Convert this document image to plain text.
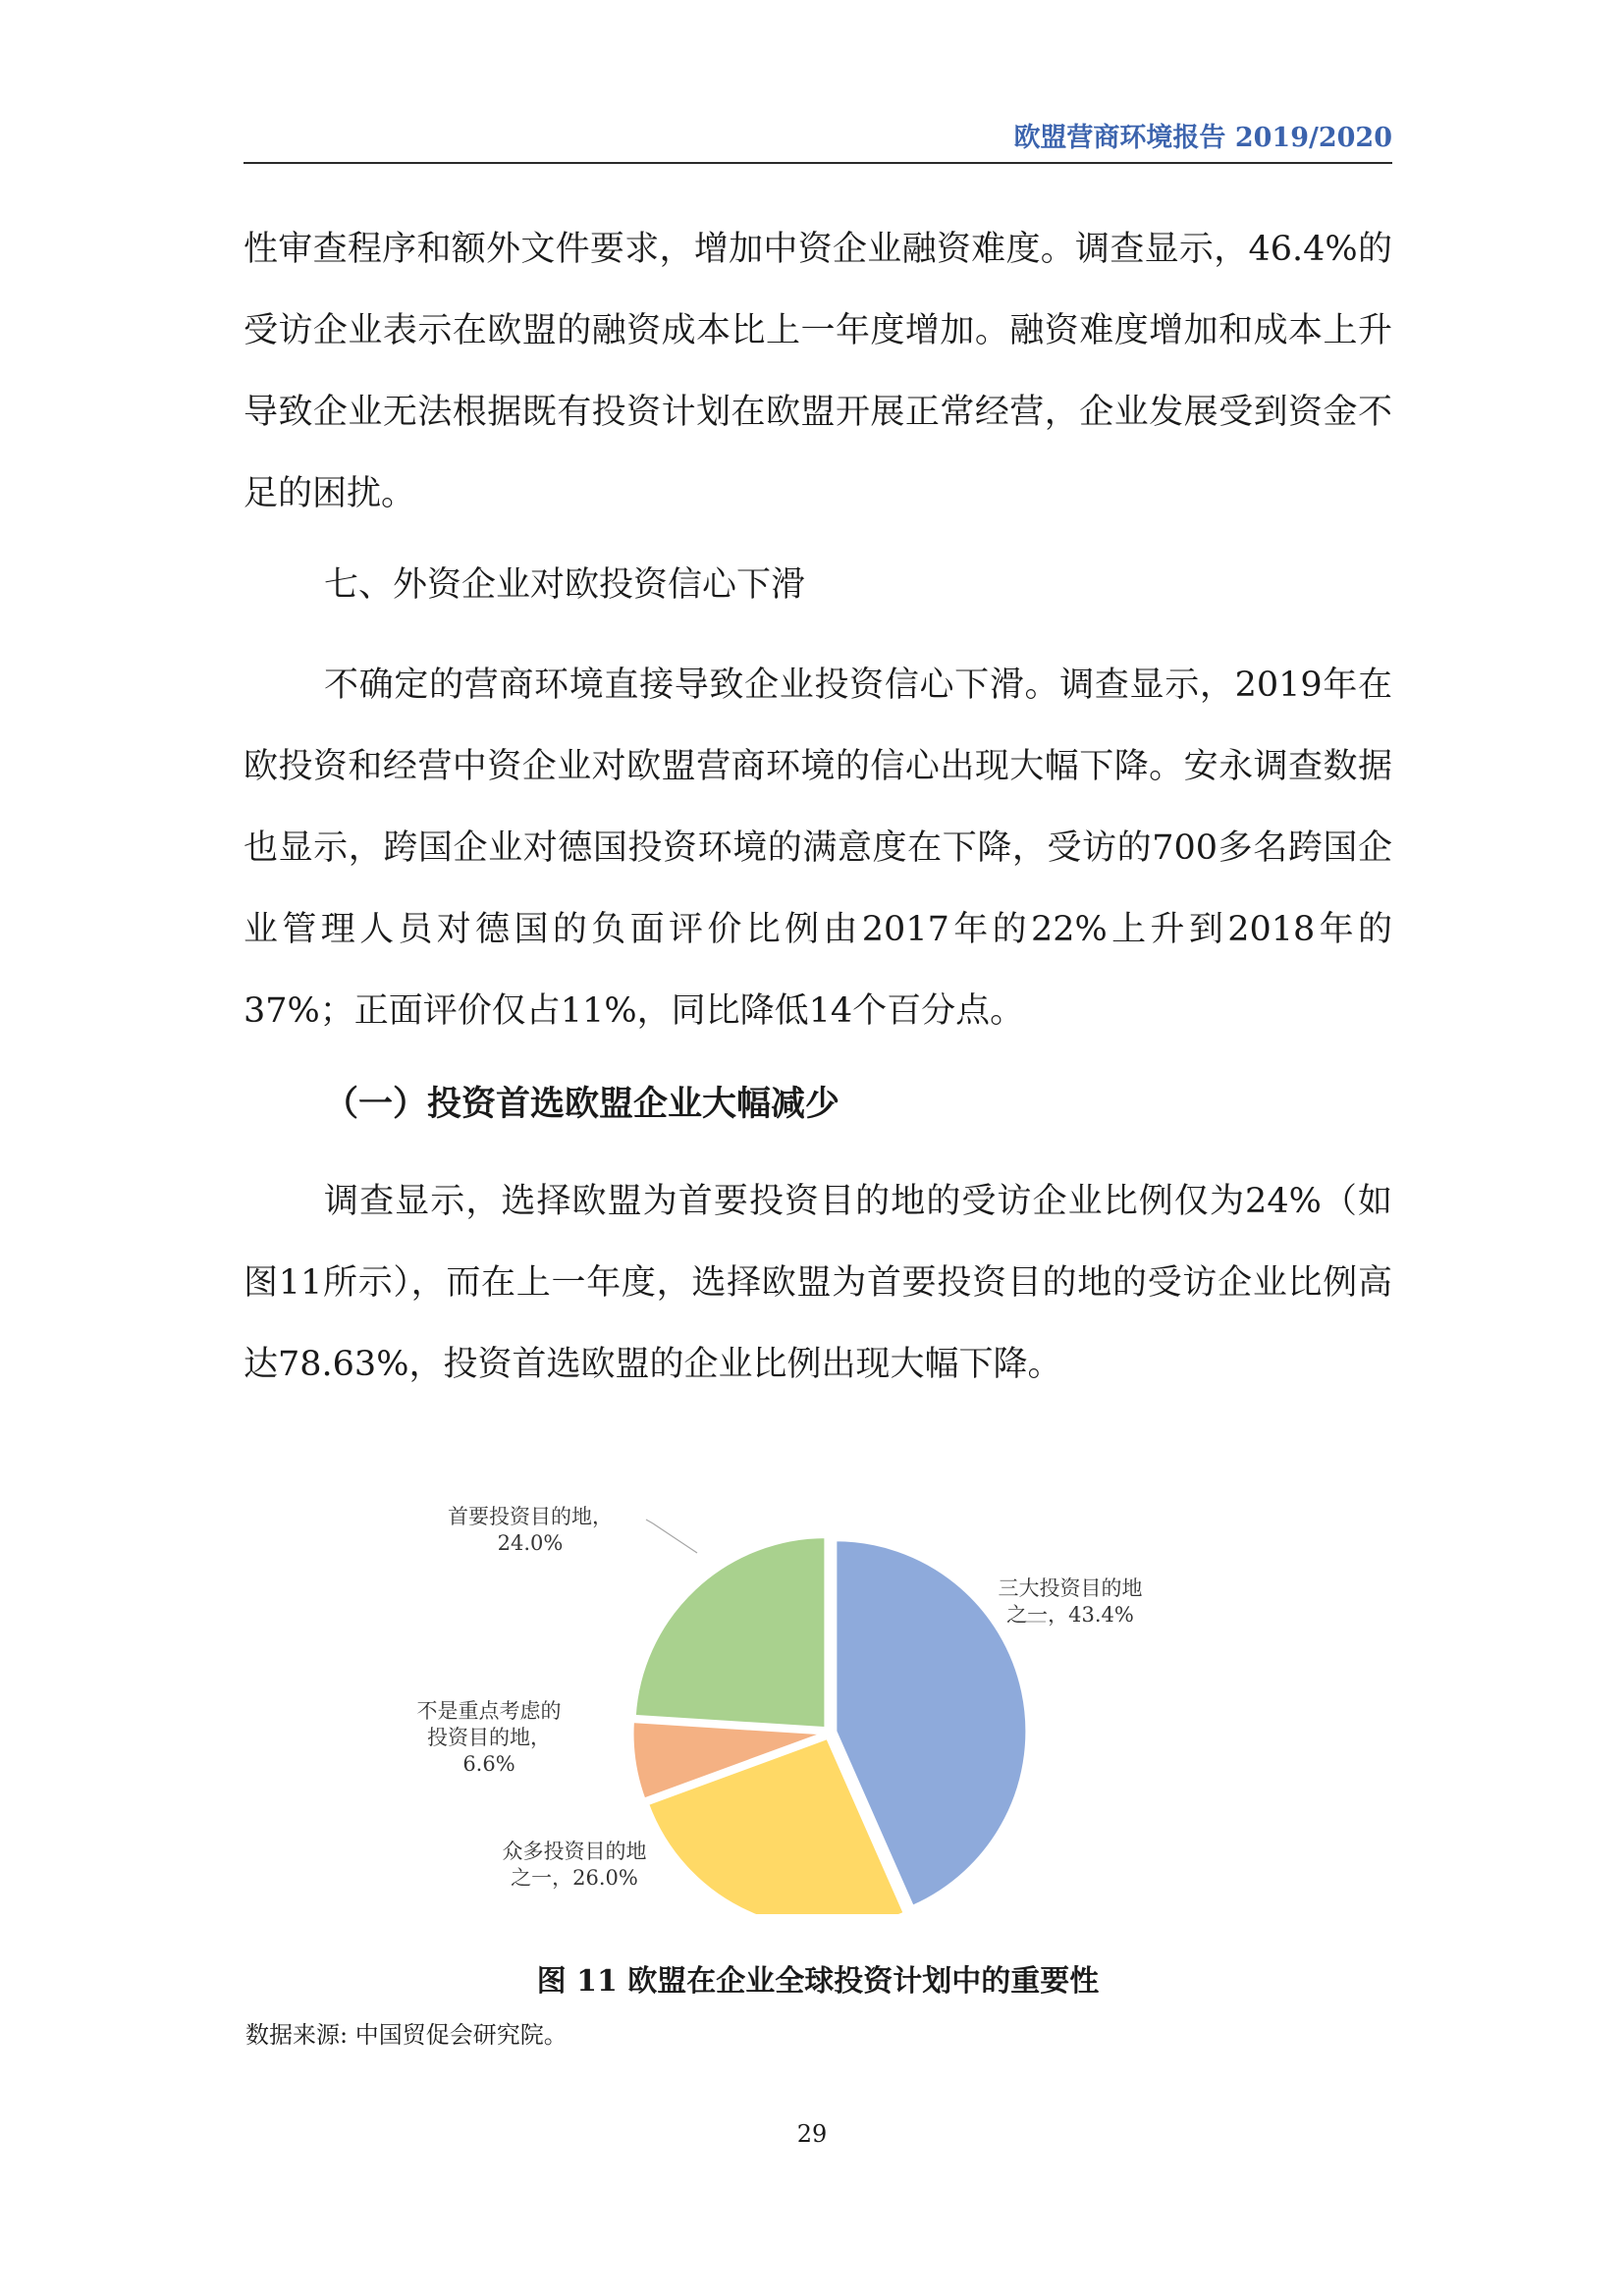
欧盟营商环境报告 2019/2020

性审查程序和额外文件要求，增加中资企业融资难度。调查显示，46.4%的受访企业表示在欧盟的融资成本比上一年度增加。融资难度增加和成本上升导致企业无法根据既有投资计划在欧盟开展正常经营，企业发展受到资金不足的困扰。

七、外资企业对欧投资信心下滑

不确定的营商环境直接导致企业投资信心下滑。调查显示，2019年在欧投资和经营中资企业对欧盟营商环境的信心出现大幅下降。安永调查数据也显示，跨国企业对德国投资环境的满意度在下降，受访的700多名跨国企业管理人员对德国的负面评价比例由2017年的22%上升到2018年的37%；正面评价仅占11%，同比降低14个百分点。

（一）投资首选欧盟企业大幅减少

调查显示，选择欧盟为首要投资目的地的受访企业比例仅为24%（如图11所示），而在上一年度，选择欧盟为首要投资目的地的受访企业比例高达78.63%，投资首选欧盟的企业比例出现大幅下降。

三大投资目的地之一，43.4%
众多投资目的地之一，26.0%
不是重点考虑的投资目的地， 6.6%
首要投资目的地， 24.0%

图 11 欧盟在企业全球投资计划中的重要性

数据来源: 中国贸促会研究院。

29
